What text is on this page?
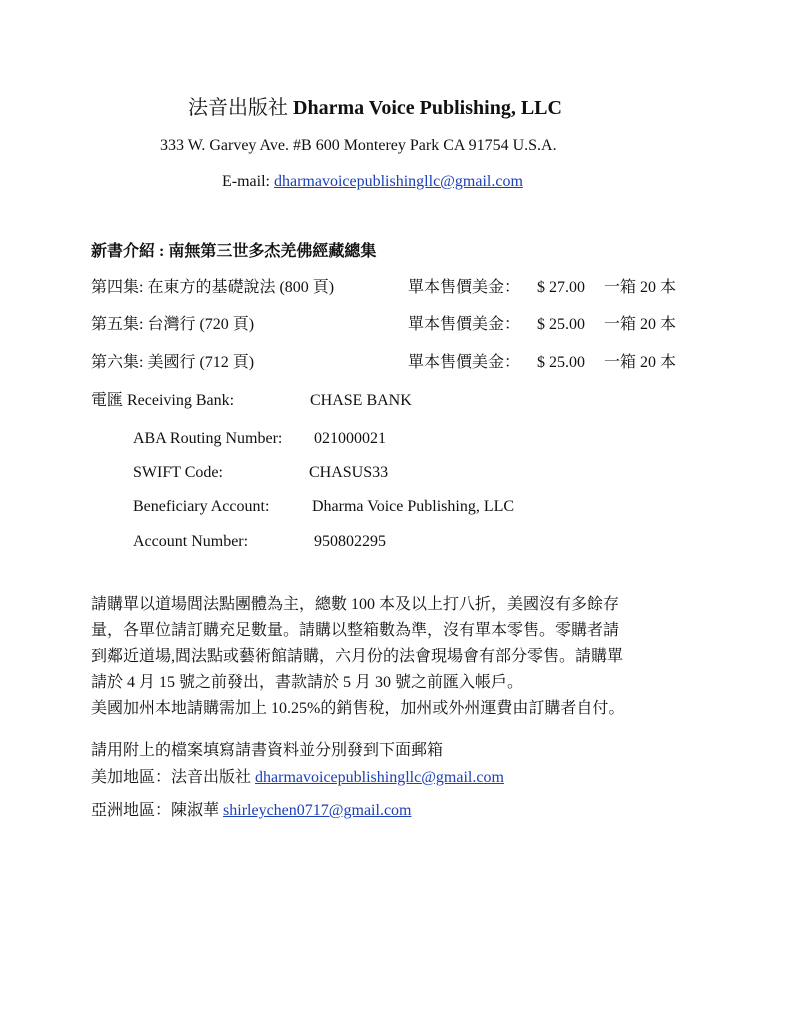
法音出版社 Dharma Voice Publishing, LLC
333 W. Garvey Ave. #B 600 Monterey Park CA 91754 U.S.A.
E-mail: dharmavoicepublishingllc@gmail.com
新書介紹 : 南無第三世多杰羌佛經藏總集
第四集: 在東方的基礎說法 (800 頁)	單本售價美金： $ 27.00 一箱 20 本
第五集: 台灣行 (720 頁)	單本售價美金： $ 25.00 一箱 20 本
第六集: 美國行 (712 頁)	單本售價美金： $ 25.00 一箱 20 本
電匯 Receiving Bank:	CHASE BANK
ABA Routing Number: 021000021
SWIFT Code:	CHASUS33
Beneficiary Account:	Dharma Voice Publishing, LLC
Account Number:	950802295
請購單以道場閭法點團體為主，總數 100 本及以上打八折，美國沒有多餘存
量，各單位請訂購充足數量。請購以整箱數為準，沒有單本零售。零購者請
到鄰近道場,閭法點或藝術館請購，六月份的法會現場會有部分零售。請購單
請於 4 月 15 號之前發出，書款請於 5 月 30 號之前匯入帳戶。
美國加州本地請購需加上 10.25%的銷售稅，加州或外州運費由訂購者自付。
請用附上的檔案填寫請書資料並分別發到下面郵箱
美加地區：法音出版社 dharmavoicepublishingllc@gmail.com
亞洲地區：陳淑華 shirleychen0717@gmail.com
